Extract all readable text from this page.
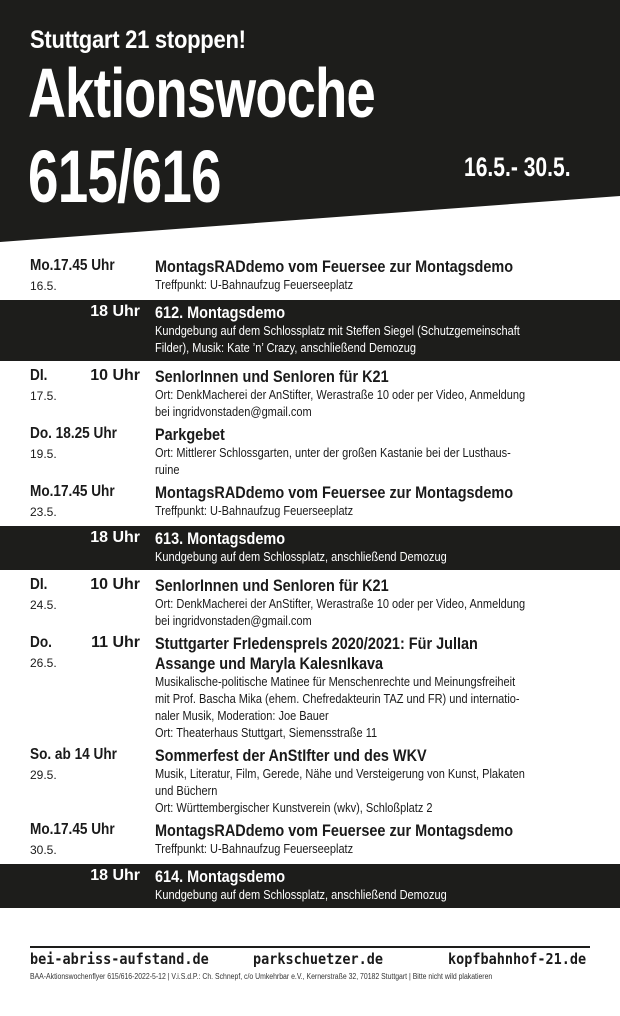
Stuttgart 21 stoppen!
Aktionswoche
615/616	16.5.- 30.5.
Mo.17.45 Uhr
16.5.
MontagsRADdemo vom Feuersee zur Montagsdemo
Treffpunkt: U-Bahnaufzug Feuerseeplatz
18 Uhr 612. Montagsdemo
Kundgebung auf dem Schlossplatz mit Steffen Siegel (Schutzgemeinschaft
Filder), Musik: Kate ’n’ Crazy, anschließend Demozug
DI.	10 Uhr
17.5.
SenIorInnen und SenIoren für K21
Ort: DenkMacherei der AnStifter, Werastraße 10 oder per Video, Anmeldung
bei ingridvonstaden@gmail.com
Do. 18.25 Uhr
19.5.
Parkgebet
Ort: Mittlerer Schlossgarten, unter der großen Kastanie bei der Lusthaus-
ruine
Mo.17.45 Uhr
23.5.
MontagsRADdemo vom Feuersee zur Montagsdemo
Treffpunkt: U-Bahnaufzug Feuerseeplatz
18 Uhr 613. Montagsdemo
Kundgebung auf dem Schlossplatz, anschließend Demozug
DI.	10 Uhr
24.5.
SenIorInnen und SenIoren für K21
Ort: DenkMacherei der AnStifter, Werastraße 10 oder per Video, Anmeldung
bei ingridvonstaden@gmail.com
Do.	11 Uhr
26.5.
Stuttgarter FrIedenspreIs 2020/2021: Für JulIan
Assange und Maryla KalesnIkava
Musikalische-politische Matinee für Menschenrechte und Meinungsfreiheit
mit Prof. Bascha Mika (ehem. Chefredakteurin TAZ und FR) und internatio-
naler Musik, Moderation: Joe Bauer
Ort: Theaterhaus Stuttgart, Siemensstraße 11
So. ab 14 Uhr
29.5.
Sommerfest der AnStIfter und des WKV
Musik, Literatur, Film, Gerede, Nähe und Versteigerung von Kunst, Plakaten
und Büchern
Ort: Württembergischer Kunstverein (wkv), Schloßplatz 2
Mo.17.45 Uhr
30.5.
MontagsRADdemo vom Feuersee zur Montagsdemo
Treffpunkt: U-Bahnaufzug Feuerseeplatz
18 Uhr 614. Montagsdemo
Kundgebung auf dem Schlossplatz, anschließend Demozug
bei-abriss-aufstand.de	parkschuetzer.de	kopfbahnhof-21.de
BAA-Aktionswochenflyer 615/616-2022-5-12 | V.i.S.d.P.: Ch. Schnepf, c/o Umkehrbar e.V., Kernerstraße 32, 70182 Stuttgart | Bitte nicht wild plakatieren
